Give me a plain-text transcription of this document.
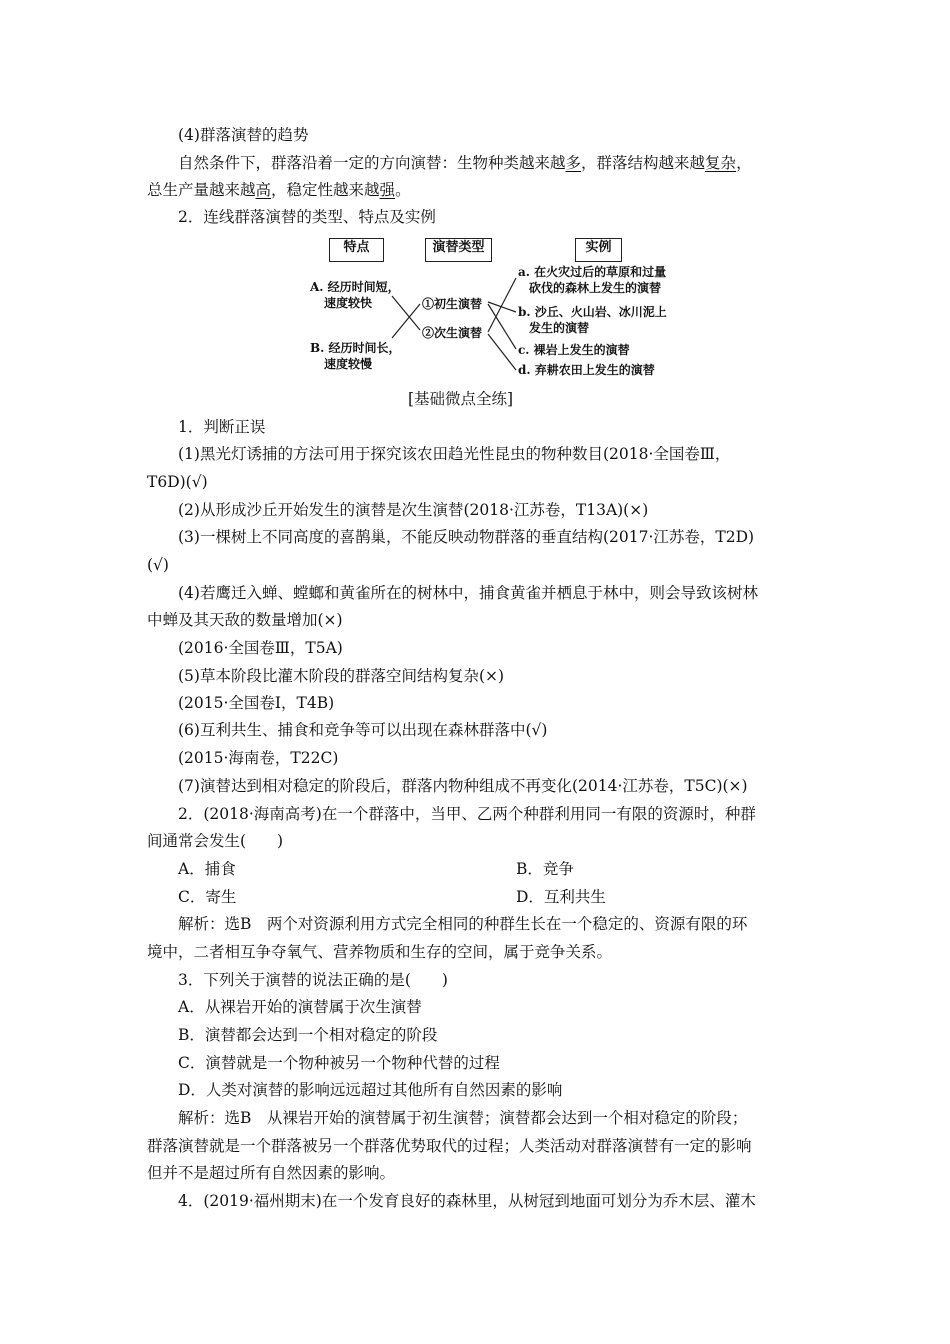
(4)群落演替的趋势
自然条件下，群落沿着一定的方向演替：生物种类越来越多，群落结构越来越复杂，
总生产量越来越高，稳定性越来越强。
2．连线群落演替的类型、特点及实例
特点	演替类型	实例
A. 经历时间短，
速度较快
B. 经历时间长，
速度较慢
①初生演替
②次生演替
a. 在火灾过后的草原和过量
砍伐的森林上发生的演替
b. 沙丘、火山岩、冰川泥上
发生的演替
c. 裸岩上发生的演替
d. 弃耕农田上发生的演替
[基础微点全练]
1．判断正误
(1)黑光灯诱捕的方法可用于探究该农田趋光性昆虫的物种数目(2018·全国卷Ⅲ，
T6D)(√)
(2)从形成沙丘开始发生的演替是次生演替(2018·江苏卷，T13A)(×)
(3)一棵树上不同高度的喜鹊巢，不能反映动物群落的垂直结构(2017·江苏卷，T2D)
(√)
(4)若鹰迁入蝉、螳螂和黄雀所在的树林中，捕食黄雀并栖息于林中，则会导致该树林
中蝉及其天敌的数量增加(×)
(2016·全国卷Ⅲ，T5A)
(5)草本阶段比灌木阶段的群落空间结构复杂(×)
(2015·全国卷Ⅰ，T4B)
(6)互利共生、捕食和竞争等可以出现在森林群落中(√)
(2015·海南卷，T22C)
(7)演替达到相对稳定的阶段后，群落内物种组成不再变化(2014·江苏卷，T5C)(×)
2．(2018·海南高考)在一个群落中，当甲、乙两个种群利用同一有限的资源时，种群
间通常会发生(　　)
A．捕食	B．竞争
C．寄生	D．互利共生
解析：选B　两个对资源利用方式完全相同的种群生长在一个稳定的、资源有限的环
境中，二者相互争夺氧气、营养物质和生存的空间，属于竞争关系。
3．下列关于演替的说法正确的是(　　)
A．从裸岩开始的演替属于次生演替
B．演替都会达到一个相对稳定的阶段
C．演替就是一个物种被另一个物种代替的过程
D．人类对演替的影响远远超过其他所有自然因素的影响
解析：选B　从裸岩开始的演替属于初生演替；演替都会达到一个相对稳定的阶段；
群落演替就是一个群落被另一个群落优势取代的过程；人类活动对群落演替有一定的影响
但并不是超过所有自然因素的影响。
4．(2019·福州期末)在一个发育良好的森林里，从树冠到地面可划分为乔木层、灌木
